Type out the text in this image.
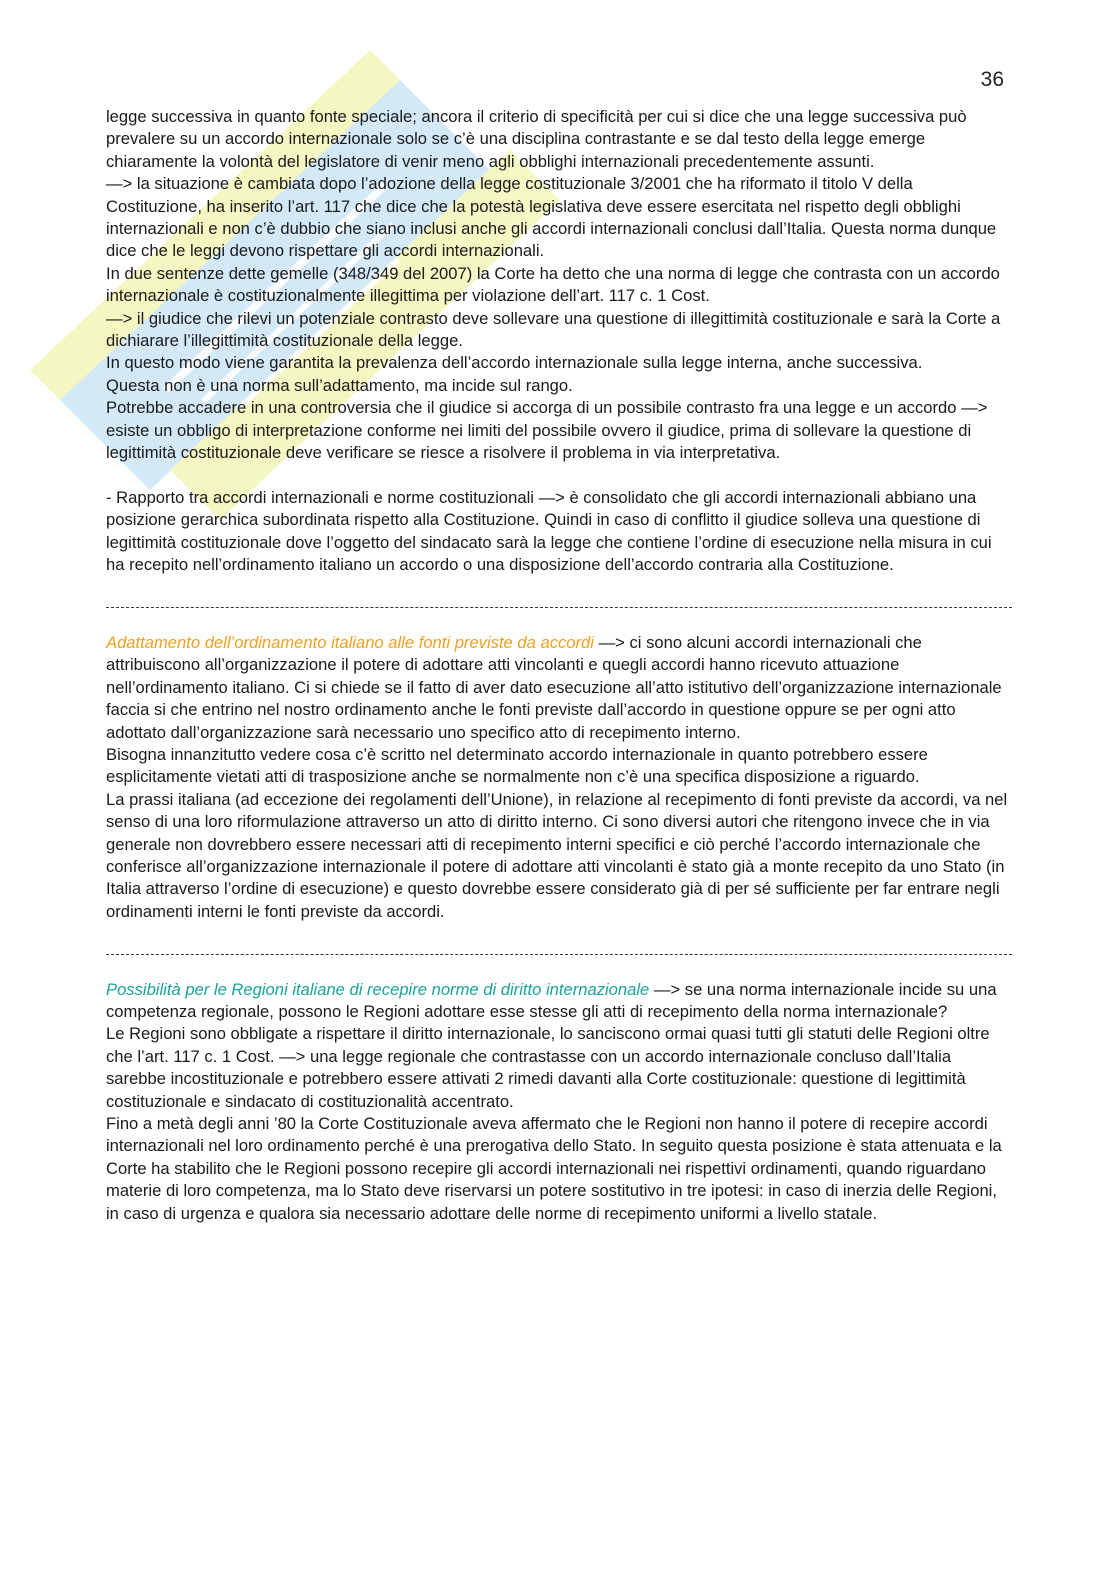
36

legge successiva in quanto fonte speciale; ancora il criterio di specificità per cui si dice che una legge successiva può prevalere su un accordo internazionale solo se c’è una disciplina contrastante e se dal testo della legge emerge chiaramente la volontà del legislatore di venir meno agli obblighi internazionali precedentemente assunti.

—> la situazione è cambiata dopo l’adozione della legge costituzionale 3/2001 che ha riformato il titolo V della Costituzione, ha inserito l’art. 117 che dice che la potestà legislativa deve essere esercitata nel rispetto degli obblighi internazionali e non c’è dubbio che siano inclusi anche gli accordi internazionali conclusi dall’Italia. Questa norma dunque dice che le leggi devono rispettare gli accordi internazionali.

In due sentenze dette gemelle (348/349 del 2007) la Corte ha detto che una norma di legge che contrasta con un accordo internazionale è costituzionalmente illegittima per violazione dell’art. 117 c. 1 Cost.

—> il giudice che rilevi un potenziale contrasto deve sollevare una questione di illegittimità costituzionale e sarà la Corte a dichiarare l’illegittimità costituzionale della legge.

In questo modo viene garantita la prevalenza dell’accordo internazionale sulla legge interna, anche successiva.

Questa non è una norma sull’adattamento, ma incide sul rango.

Potrebbe accadere in una controversia che il giudice si accorga di un possibile contrasto fra una legge e un accordo —> esiste un obbligo di interpretazione conforme nei limiti del possibile ovvero il giudice, prima di sollevare la questione di legittimità costituzionale deve verificare se riesce a risolvere il problema in via interpretativa.

- Rapporto tra accordi internazionali e norme costituzionali —> è consolidato che gli accordi internazionali abbiano una posizione gerarchica subordinata rispetto alla Costituzione. Quindi in caso di conflitto il giudice solleva una questione di legittimità costituzionale dove l’oggetto del sindacato sarà la legge che contiene l’ordine di esecuzione nella misura in cui ha recepito nell’ordinamento italiano un accordo o una disposizione dell’accordo contraria alla Costituzione.

Adattamento dell’ordinamento italiano alle fonti previste da accordi —> ci sono alcuni accordi internazionali che attribuiscono all’organizzazione il potere di adottare atti vincolanti e quegli accordi hanno ricevuto attuazione nell’ordinamento italiano. Ci si chiede se il fatto di aver dato esecuzione all’atto istitutivo dell’organizzazione internazionale faccia si che entrino nel nostro ordinamento anche le fonti previste dall’accordo in questione oppure se per ogni atto adottato dall’organizzazione sarà necessario uno specifico atto di recepimento interno.

Bisogna innanzitutto vedere cosa c’è scritto nel determinato accordo internazionale in quanto potrebbero essere esplicitamente vietati atti di trasposizione anche se normalmente non c’è una specifica disposizione a riguardo.

La prassi italiana (ad eccezione dei regolamenti dell’Unione), in relazione al recepimento di fonti previste da accordi, va nel senso di una loro riformulazione attraverso un atto di diritto interno. Ci sono diversi autori che ritengono invece che in via generale non dovrebbero essere necessari atti di recepimento interni specifici e ciò perché l’accordo internazionale che conferisce all’organizzazione internazionale il potere di adottare atti vincolanti è stato già a monte recepito da uno Stato (in Italia attraverso l’ordine di esecuzione) e questo dovrebbe essere considerato già di per sé sufficiente per far entrare negli ordinamenti interni le fonti previste da accordi.

Possibilità per le Regioni italiane di recepire norme di diritto internazionale —> se una norma internazionale incide su una competenza regionale, possono le Regioni adottare esse stesse gli atti di recepimento della norma internazionale?

Le Regioni sono obbligate a rispettare il diritto internazionale, lo sanciscono ormai quasi tutti gli statuti delle Regioni oltre che l’art. 117 c. 1 Cost. —> una legge regionale che contrastasse con un accordo internazionale concluso dall’Italia sarebbe incostituzionale e potrebbero essere attivati 2 rimedi davanti alla Corte costituzionale: questione di legittimità costituzionale e sindacato di costituzionalità accentrato.

Fino a metà degli anni ’80 la Corte Costituzionale aveva affermato che le Regioni non hanno il potere di recepire accordi internazionali nel loro ordinamento perché è una prerogativa dello Stato. In seguito questa posizione è stata attenuata e la Corte ha stabilito che le Regioni possono recepire gli accordi internazionali nei rispettivi ordinamenti, quando riguardano materie di loro competenza, ma lo Stato deve riservarsi un potere sostitutivo in tre ipotesi: in caso di inerzia delle Regioni, in caso di urgenza e qualora sia necessario adottare delle norme di recepimento uniformi a livello statale.
